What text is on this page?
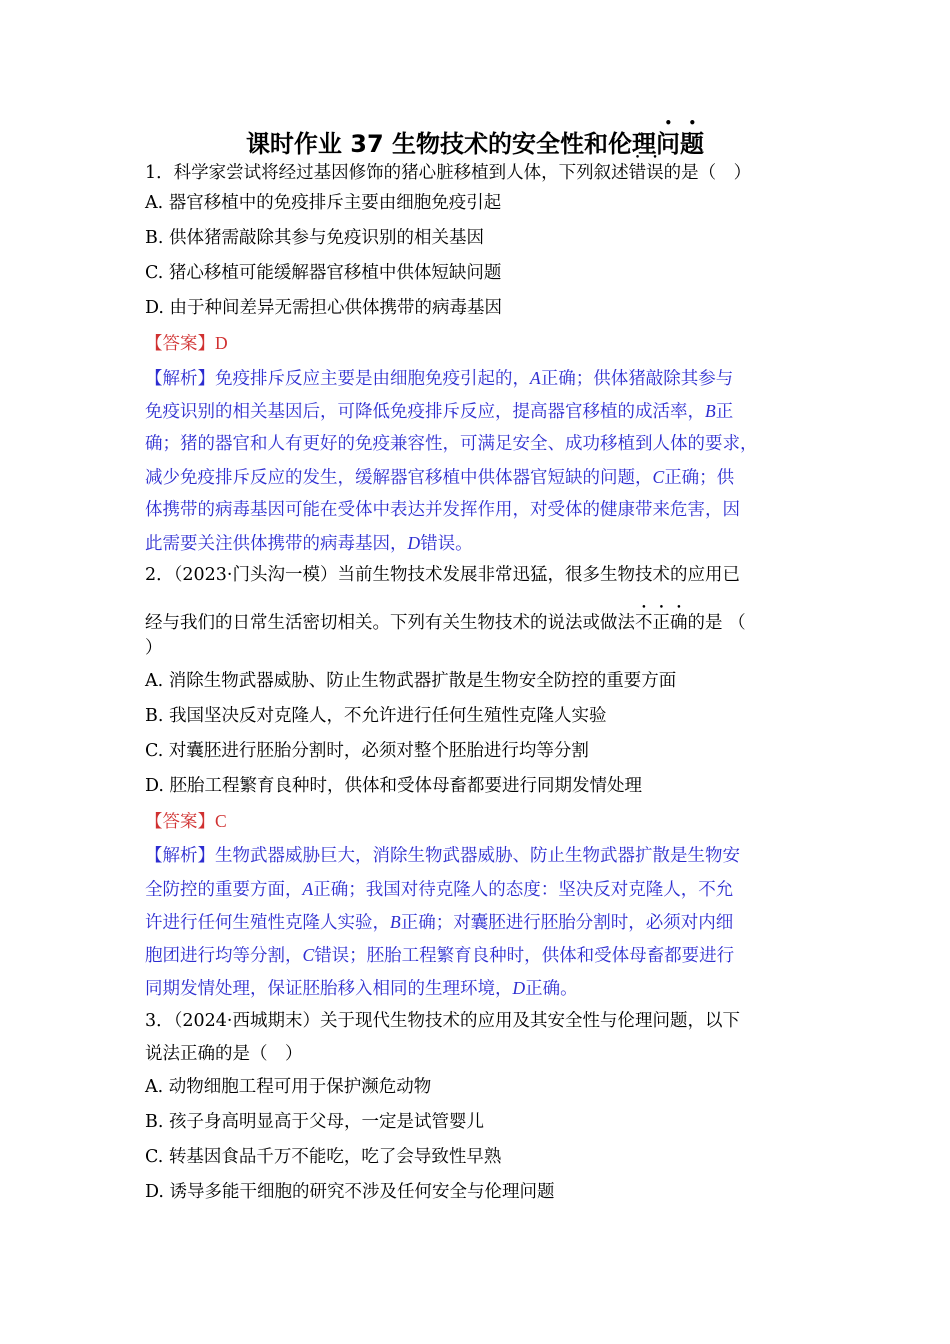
课时作业 37 生物技术的安全性和伦理问题
1．科学家尝试将经过基因修饰的猪心脏移植到人体，下列叙述错误的是（　）
A. 器官移植中的免疫排斥主要由细胞免疫引起
B. 供体猪需敲除其参与免疫识别的相关基因
C. 猪心移植可能缓解器官移植中供体短缺问题
D. 由于种间差异无需担心供体携带的病毒基因
【答案】D
【解析】免疫排斥反应主要是由细胞免疫引起的，A正确；供体猪敲除其参与
免疫识别的相关基因后，可降低免疫排斥反应，提高器官移植的成活率，B正
确；猪的器官和人有更好的免疫兼容性，可满足安全、成功移植到人体的要求，
减少免疫排斥反应的发生，缓解器官移植中供体器官短缺的问题，C正确；供
体携带的病毒基因可能在受体中表达并发挥作用，对受体的健康带来危害，因
此需要关注供体携带的病毒基因，D错误。
2．（2023·门头沟一模）当前生物技术发展非常迅猛，很多生物技术的应用已
经与我们的日常生活密切相关。下列有关生物技术的说法或做法不正确的是 （
）
A. 消除生物武器威胁、防止生物武器扩散是生物安全防控的重要方面
B. 我国坚决反对克隆人，不允许进行任何生殖性克隆人实验
C. 对囊胚进行胚胎分割时，必须对整个胚胎进行均等分割
D. 胚胎工程繁育良种时，供体和受体母畜都要进行同期发情处理
【答案】C
【解析】生物武器威胁巨大，消除生物武器威胁、防止生物武器扩散是生物安
全防控的重要方面，A正确；我国对待克隆人的态度：坚决反对克隆人，不允
许进行任何生殖性克隆人实验，B正确；对囊胚进行胚胎分割时，必须对内细
胞团进行均等分割，C错误；胚胎工程繁育良种时，供体和受体母畜都要进行
同期发情处理，保证胚胎移入相同的生理环境，D正确。
3．（2024·西城期末）关于现代生物技术的应用及其安全性与伦理问题，以下
说法正确的是（　）
A. 动物细胞工程可用于保护濒危动物
B. 孩子身高明显高于父母，一定是试管婴儿
C. 转基因食品千万不能吃，吃了会导致性早熟
D. 诱导多能干细胞的研究不涉及任何安全与伦理问题
